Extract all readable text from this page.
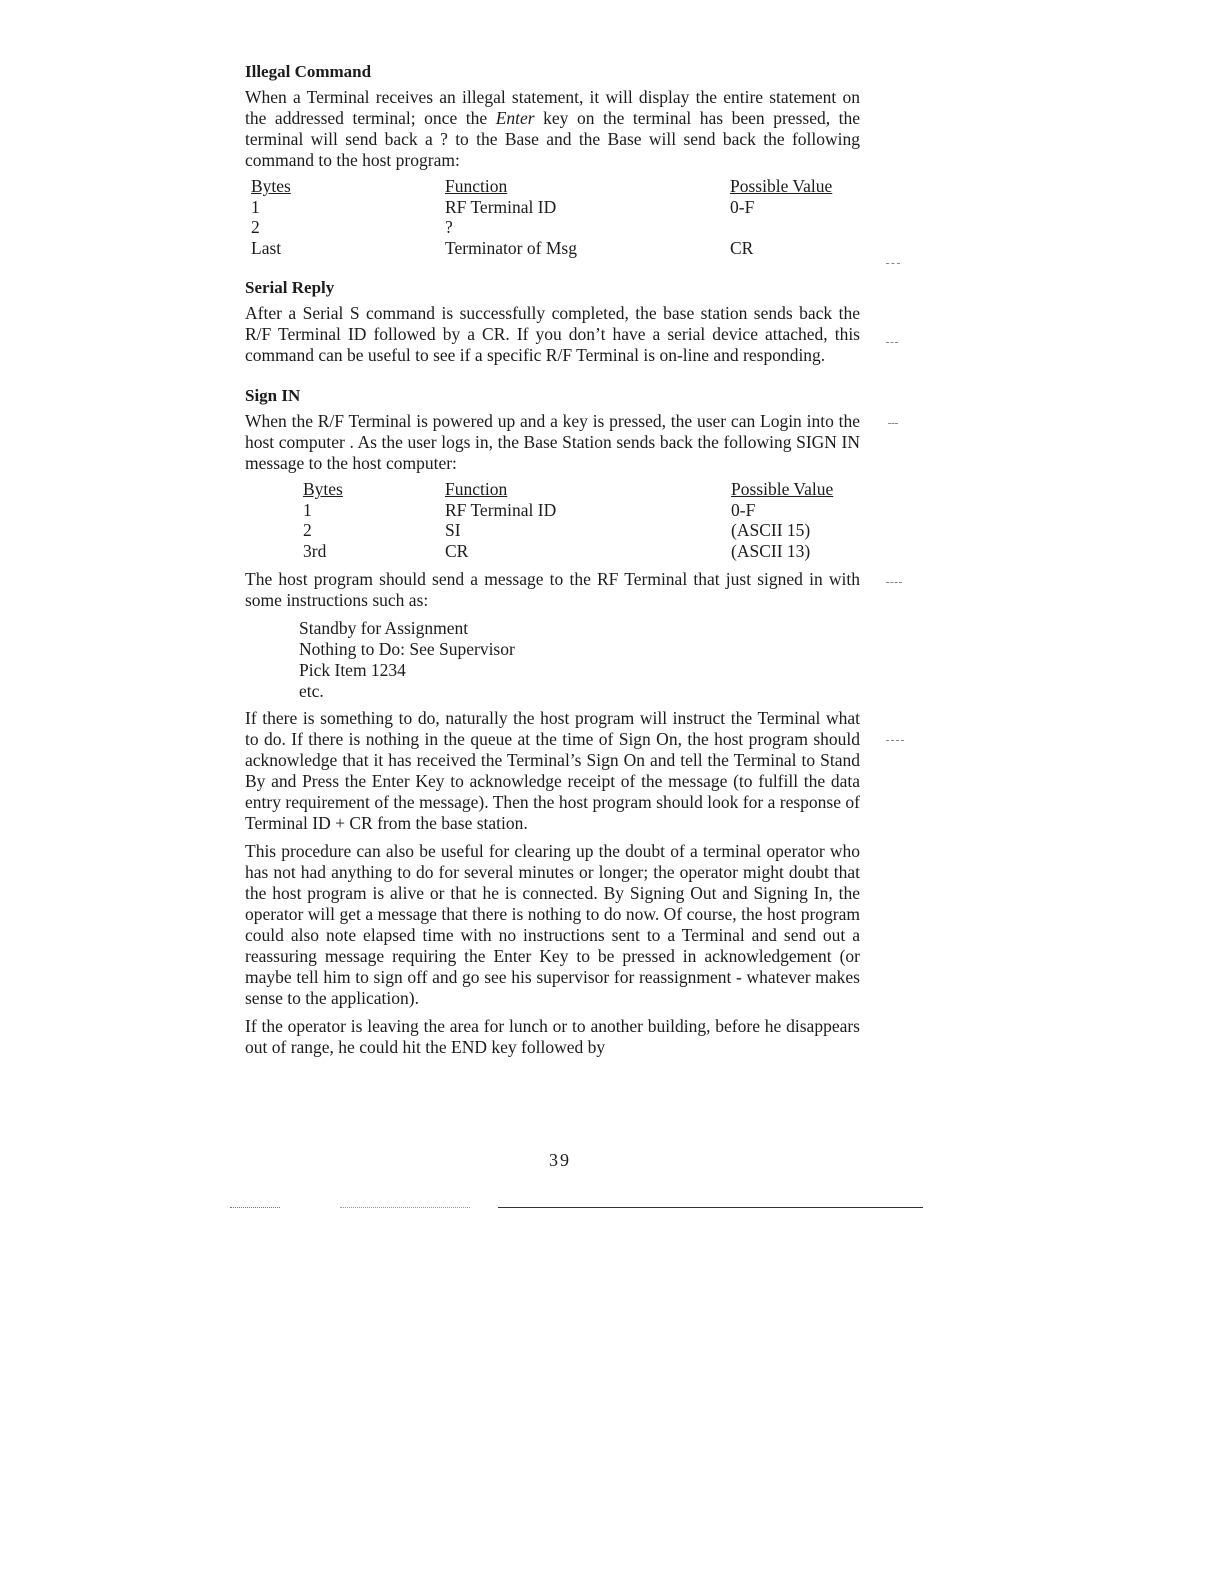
Illegal Command

When a Terminal receives an illegal statement, it will display the entire statement on the addressed terminal; once the Enter key on the terminal has been pressed, the terminal will send back a ? to the Base and the Base will send back the following command to the host program:

Bytes	Function	Possible Value
1	RF Terminal ID	0-F
2	?
Last	Terminator of Msg	CR
Serial Reply

After a Serial S command is successfully completed, the base station sends back the R/F Terminal ID followed by a CR. If you don’t have a serial device attached, this command can be useful to see if a specific R/F Terminal is on-line and responding.

Sign IN

When the R/F Terminal is powered up and a key is pressed, the user can Login into the host computer . As the user logs in, the Base Station sends back the following SIGN IN message to the host computer:

Bytes	Function	Possible Value
1	RF Terminal ID	0-F
2	SI	(ASCII 15)
3rd	CR	(ASCII 13)

The host program should send a message to the RF Terminal that just signed in with some instructions such as:

Standby for Assignment
Nothing to Do: See Supervisor
Pick Item 1234
etc.

If there is something to do, naturally the host program will instruct the Terminal what to do. If there is nothing in the queue at the time of Sign On, the host program should acknowledge that it has received the Terminal’s Sign On and tell the Terminal to Stand By and Press the Enter Key to acknowledge receipt of the message (to fulfill the data entry requirement of the message). Then the host program should look for a response of Terminal ID + CR from the base station.

This procedure can also be useful for clearing up the doubt of a terminal operator who has not had anything to do for several minutes or longer; the operator might doubt that the host program is alive or that he is connected. By Signing Out and Signing In, the operator will get a message that there is nothing to do now. Of course, the host program could also note elapsed time with no instructions sent to a Terminal and send out a reassuring message requiring the Enter Key to be pressed in acknowledgement (or maybe tell him to sign off and go see his supervisor for reassignment - whatever makes sense to the application).

If the operator is leaving the area for lunch or to another building, before he disappears out of range, he could hit the END key followed by

39
